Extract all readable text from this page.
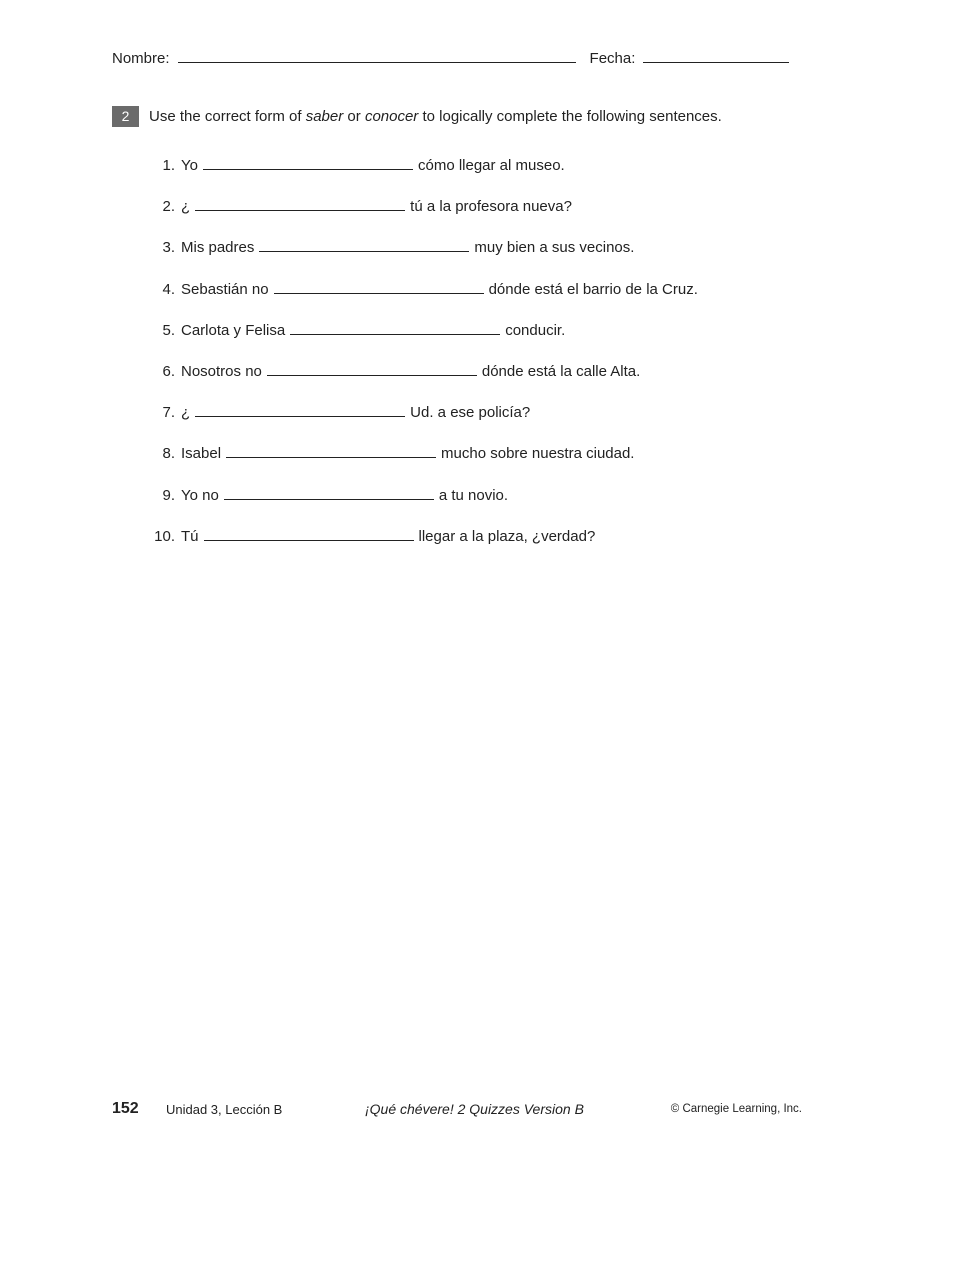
Nombre:	Fecha:
2 Use the correct form of saber or conocer to logically complete the following sentences.
1. Yo	cómo llegar al museo.
2. ¿	tú a la profesora nueva?
3. Mis padres	muy bien a sus vecinos.
4. Sebastián no	dónde está el barrio de la Cruz.
5. Carlota y Felisa	conducir.
6. Nosotros no	dónde está la calle Alta.
7. ¿	Ud. a ese policía?
8. Isabel	mucho sobre nuestra ciudad.
9. Yo no	a tu novio.
10. Tú	llegar a la plaza, ¿verdad?
152 Unidad 3, Lección B	¡Qué chévere! 2 Quizzes Version B	© Carnegie Learning, Inc.
